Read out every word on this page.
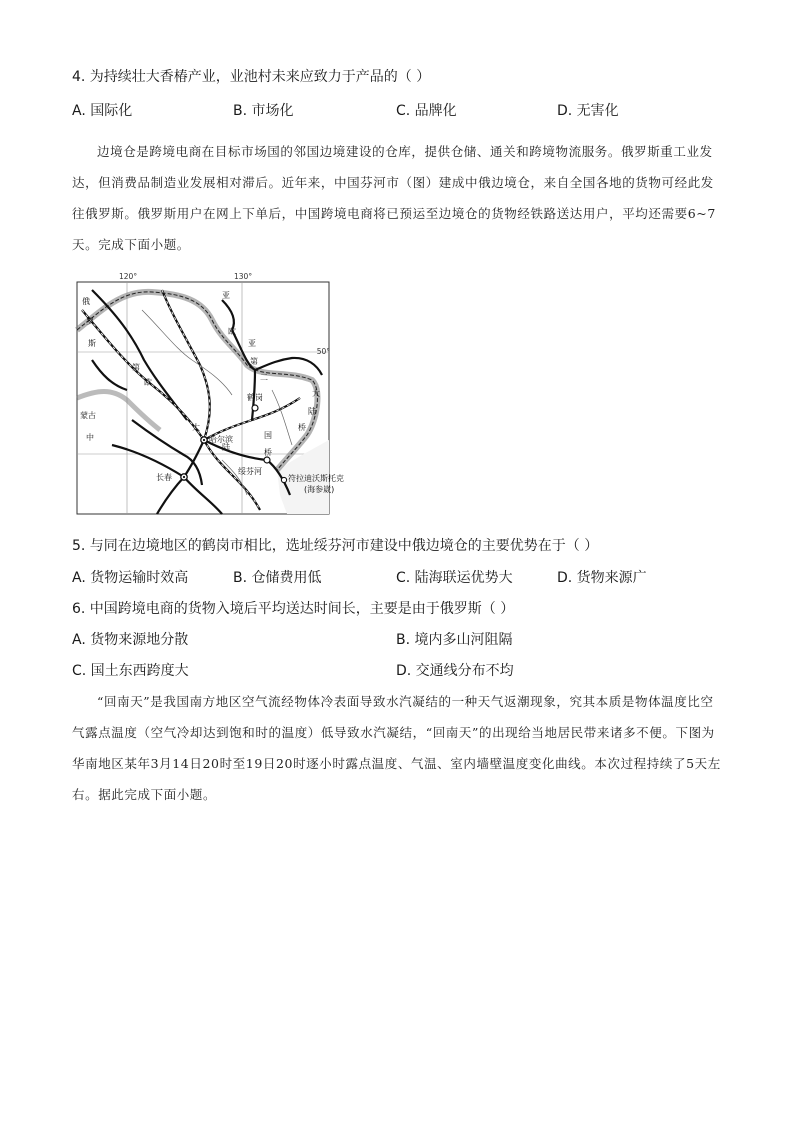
4. 为持续壮大香椿产业，业池村未来应致力于产品的（ ）
A. 国际化	B. 市场化	C. 品牌化	D. 无害化

边境仓是跨境电商在目标市场国的邻国边境建设的仓库，提供仓储、通关和跨境物流服务。俄罗斯重工业发达，但消费品制造业发展相对滞后。近年来，中国芬河市（图）建成中俄边境仓，来自全国各地的货物可经此发往俄罗斯。俄罗斯用户在网上下单后，中国跨境电商将已预运至边境仓的货物经铁路送达用户，平均还需要6~7天。完成下面小题。

120°	130°
50°
俄
罗
斯
亚
欧
蒙古
中	国
第
大
陆
桥
亚
欧
第
二
大
陆
桥
哈尔滨
长春
鹤岗
绥芬河
符拉迪沃斯托克
(海参崴)
5. 与同在边境地区的鹤岗市相比，选址绥芬河市建设中俄边境仓的主要优势在于（ ）
A. 货物运输时效高	B. 仓储费用低	C. 陆海联运优势大	D. 货物来源广
6. 中国跨境电商的货物入境后平均送达时间长，主要是由于俄罗斯（ ）
A. 货物来源地分散	B. 境内多山河阻隔
C. 国土东西跨度大	D. 交通线分布不均

“回南天”是我国南方地区空气流经物体冷表面导致水汽凝结的一种天气返潮现象，究其本质是物体温度比空气露点温度（空气冷却达到饱和时的温度）低导致水汽凝结，“回南天”的出现给当地居民带来诸多不便。下图为华南地区某年3月14日20时至19日20时逐小时露点温度、气温、室内墙壁温度变化曲线。本次过程持续了5天左右。据此完成下面小题。
